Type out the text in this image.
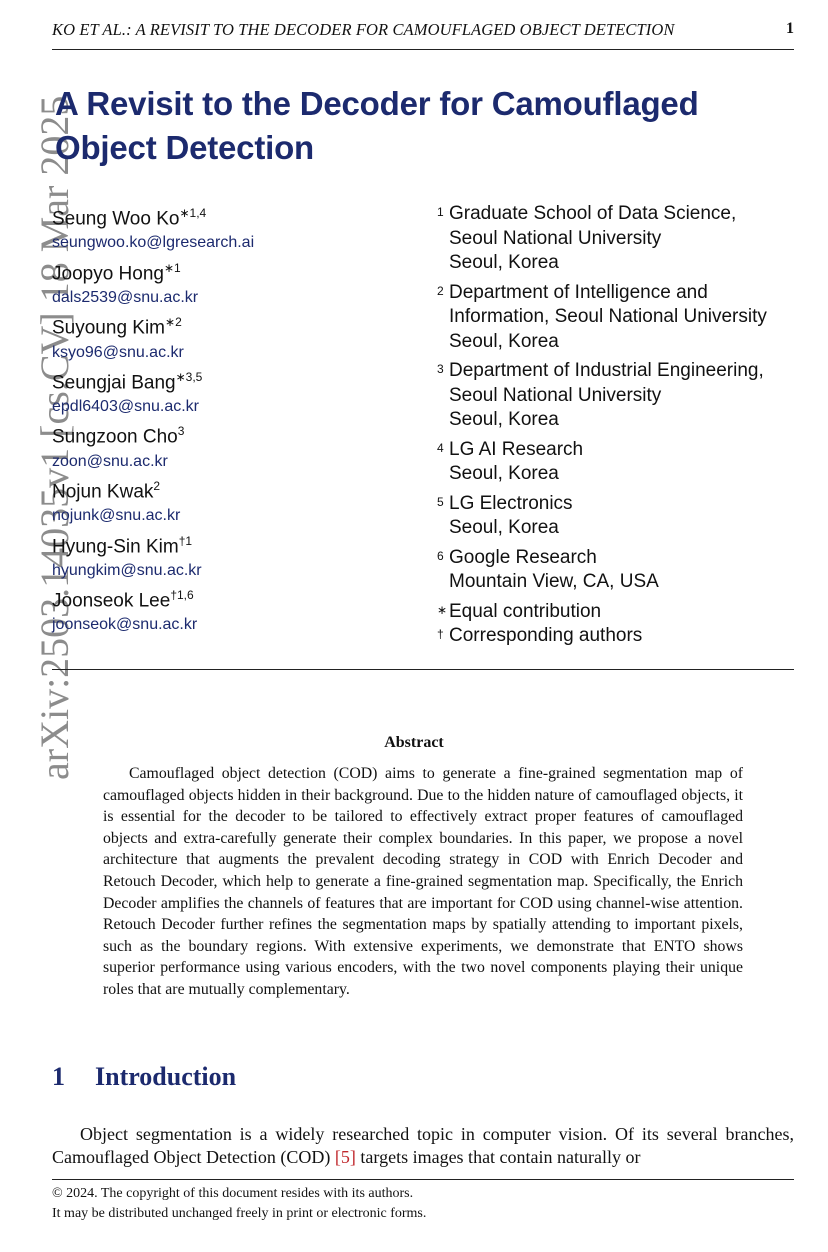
KO ET AL.: A REVISIT TO THE DECODER FOR CAMOUFLAGED OBJECT DETECTION	1
arXiv:2503.14035v1 [cs.CV] 18 Mar 2025
A Revisit to the Decoder for Camouflaged Object Detection
Seung Woo $Ko^{∗1,4}$
seungwoo.ko@lgresearch.ai
Joopyo Hong$^{∗1}$
dals2539@snu.ac.kr
Suyoung Kim$^{∗2}$
ksyo96@snu.ac.kr
Seungjai Bang$^{∗3,5}$
epdl6403@snu.ac.kr
Sungzoon Cho$^3$
zoon@snu.ac.kr
Nojun Kwak$^2$
nojunk@snu.ac.kr
Hyung-Sin Kim$^{\dagger 1}$
hyungkim@snu.ac.kr
Joonseok Lee$^{\dagger 1,6}$
joonseok@snu.ac.kr
1 Graduate School of Data Science,
Seoul National University
Seoul, Korea
2 Department of Intelligence and
Information, Seoul National University
Seoul, Korea
3 Department of Industrial Engineering,
Seoul National University
Seoul, Korea
4 LG AI Research
Seoul, Korea
5 LG Electronics
Seoul, Korea
6 Google Research
Mountain View, CA, USA
∗ Equal contribution
† Corresponding authors
Abstract

Camouflaged object detection (COD) aims to generate a fine-grained segmentation map of camouflaged objects hidden in their background. Due to the hidden nature of camouflaged objects, it is essential for the decoder to be tailored to effectively extract proper features of camouflaged objects and extra-carefully generate their complex boundaries. In this paper, we propose a novel architecture that augments the prevalent decoding strategy in COD with Enrich Decoder and Retouch Decoder, which help to generate a fine-grained segmentation map. Specifically, the Enrich Decoder amplifies the channels of features that are important for COD using channel-wise attention. Retouch Decoder further refines the segmentation maps by spatially attending to important pixels, such as the boundary regions. With extensive experiments, we demonstrate that ENTO shows superior performance using various encoders, with the two novel components playing their unique roles that are mutually complementary.

1 Introduction

Object segmentation is a widely researched topic in computer vision. Of its several branches, Camouflaged Object Detection (COD) [5] targets images that contain naturally or

© 2024. The copyright of this document resides with its authors.
It may be distributed unchanged freely in print or electronic forms.
